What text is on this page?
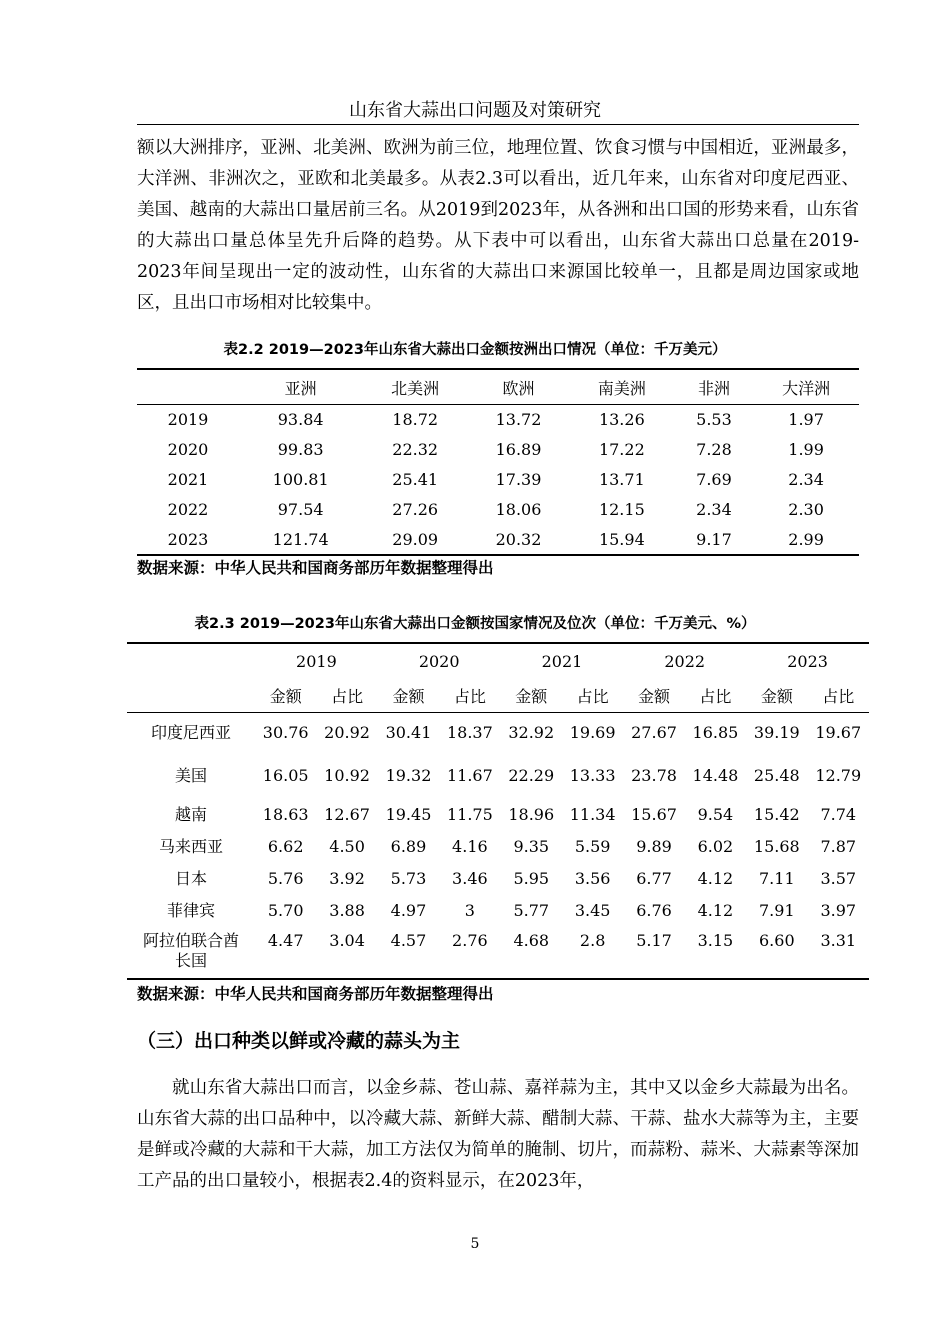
山东省大蒜出口问题及对策研究

额以大洲排序，亚洲、北美洲、欧洲为前三位，地理位置、饮食习惯与中国相近，亚洲最多，大洋洲、非洲次之，亚欧和北美最多。从表2.3可以看出，近几年来，山东省对印度尼西亚、美国、越南的大蒜出口量居前三名。从2019到2023年，从各洲和出口国的形势来看，山东省的大蒜出口量总体呈先升后降的趋势。从下表中可以看出，山东省大蒜出口总量在2019-2023年间呈现出一定的波动性，山东省的大蒜出口来源国比较单一，且都是周边国家或地区，且出口市场相对比较集中。

表2.2 2019—2023年山东省大蒜出口金额按洲出口情况（单位：千万美元）
	亚洲	北美洲	欧洲	南美洲	非洲	大洋洲
2019	93.84	18.72	13.72	13.26	5.53	1.97
2020	99.83	22.32	16.89	17.22	7.28	1.99
2021	100.81	25.41	17.39	13.71	7.69	2.34
2022	97.54	27.26	18.06	12.15	2.34	2.30
2023	121.74	29.09	20.32	15.94	9.17	2.99
数据来源：中华人民共和国商务部历年数据整理得出
表2.3 2019—2023年山东省大蒜出口金额按国家情况及位次（单位：千万美元、%）
	2019		2020		2021		2022		2023	
	金额	占比	金额	占比	金额	占比	金额	占比	金额	占比
印度尼西亚	30.76	20.92	30.41	18.37	32.92	19.69	27.67	16.85	39.19	19.67
美国	16.05	10.92	19.32	11.67	22.29	13.33	23.78	14.48	25.48	12.79
越南	18.63	12.67	19.45	11.75	18.96	11.34	15.67	9.54	15.42	7.74
马来西亚	6.62	4.50	6.89	4.16	9.35	5.59	9.89	6.02	15.68	7.87
日本	5.76	3.92	5.73	3.46	5.95	3.56	6.77	4.12	7.11	3.57
菲律宾	5.70	3.88	4.97	3	5.77	3.45	6.76	4.12	7.91	3.97
阿拉伯联合酋长国	4.47	3.04	4.57	2.76	4.68	2.8	5.17	3.15	6.60	3.31
数据来源：中华人民共和国商务部历年数据整理得出
（三）出口种类以鲜或冷藏的蒜头为主

就山东省大蒜出口而言，以金乡蒜、苍山蒜、嘉祥蒜为主，其中又以金乡大蒜最为出名。山东省大蒜的出口品种中，以冷藏大蒜、新鲜大蒜、醋制大蒜、干蒜、盐水大蒜等为主，主要是鲜或冷藏的大蒜和干大蒜，加工方法仅为简单的腌制、切片，而蒜粉、蒜米、大蒜素等深加工产品的出口量较小，根据表2.4的资料显示，在2023年，

5
